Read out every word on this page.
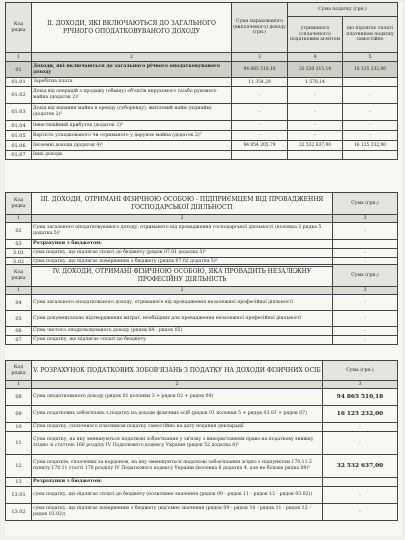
Код рядка	II. ДОХОДИ, ЯКІ ВКЛЮЧАЮТЬСЯ ДО ЗАГАЛЬНОГО РІЧНОГО ОПОДАТКОВУВАНОГО ДОХОДУ	Сума нарахованого (виплаченого) доходу (грн.)	Сума податку (грн.)	
			утриманого (сплаченого) податковим агентом	що підлягає сплаті платником податку самостійно
1	2	3	4	5
01	Доходи, які включаються до загального річного оподатковуваного доходу	94 865 510,18	32 530 215,14	16 125 232,00
01.01	Заробітна плата	11 354,29	1 578,14	-
01.02	Дохід від операцій з продажу (обміну) об'єктів нерухомого та/або рухомого майна (додаток 2)⁵	-	-	-
01.03	Дохід від надання майна в оренду (суборенду), житловий найм (піднайм) (додаток 2)⁵	-	-	-
01.04	Інвестиційний прибуток (додаток 3)⁵	-	-	-
01.05	Вартість успадкованого чи отриманого у дарунок майна (додаток 2)⁵	-	-	-
01.06	Іноземні доходи (додаток 4)⁵	94 854 205,79	32 532 637,00	16 125 232,00
01.07	Інші доходи			
Код рядка	III. ДОХОДИ, ОТРИМАНІ ФІЗИЧНОЮ ОСОБОЮ - ПІДПРИЄМЦЕМ ВІД ПРОВАДЖЕННЯ ГОСПОДАРСЬКОЇ ДІЯЛЬНОСТІ	Сума (грн.)
1	2	3
02	Сума загального оподатковуваного доходу, отриманого від провадження господарської діяльності (колонка 3 рядка 5 додатка 5)⁵	-
03	Розрахунки з бюджетом:	
3.01	сума податку, що підлягає сплаті до бюджету (рядок 07.01 додатка 5)⁵	-
3.02	сума податку, що підлягає поверненню з бюджету (рядок 07.02 додатка 5)⁵	-
Код рядка	IV. ДОХОДИ, ОТРИМАНІ ФІЗИЧНОЮ ОСОБОЮ, ЯКА ПРОВАДИТЬ НЕЗАЛЕЖНУ ПРОФЕСІЙНУ ДІЯЛЬНІСТЬ	Сума (грн.)
1	2	3
04	Сума загального оподаткованого доходу, отриманого від провадження незалежної професійної діяльності	-
05	Сума документально підтверджених витрат, необхідних для провадження незалежної професійної діяльності	-
06	Сума чистого оподатковуваного доходу (рядок 04 - рядок 05)	-
07	Сума податку, що підлягає сплаті до бюджету	-
Код рядка	V. РОЗРАХУНОК ПОДАТКОВИХ ЗОБОВ'ЯЗАНЬ З ПОДАТКУ НА ДОХОДИ ФІЗИЧНИХ ОСІБ	Сума (грн.)
1	2	3
08	Сума оподаткованого доходу (рядок 01 колонки 3 + рядок 02 + рядок 04)	94 865 510,18
09	Сума податкових зобов'язань з податку на доходи фізичних осіб (рядок 01 колонки 5 + рядок 03.01 + рядок 07)	16 125 232,00
10	Сума податку, сплаченого платником податку самостійно на дату подання декларації	-
11	Сума податку, на яку зменшуються податкові зобов'язання у зв'язку з використанням права на податкову знижку згідно зі статтею 166 розділу IV Податкового кодексу України (рядок 52 додатка 6)⁵	-
12	Сума податків, сплачених за кордоном, на яку зменшуються податкові зобов'язання згідно з підпунктом 170.11.2 пункту 170.11 статті 170 розділу IV Податкового кодексу України (колонка 6 додатка 4, але не більше рядка 09)⁵	32 532 637,00
13	Розрахунки з бюджетом:	
13.01	сума податку, що підлягає сплаті до бюджету (позитивне значення (рядок 09 - рядок 11 - рядок 12 - рядок 03.02))	-
13.02	сума податку, що підлягає поверненню з бюджету (від'ємне значення (рядок 09 - рядок 10 - рядок 11 - рядок 12 - рядок 03.02))	-
